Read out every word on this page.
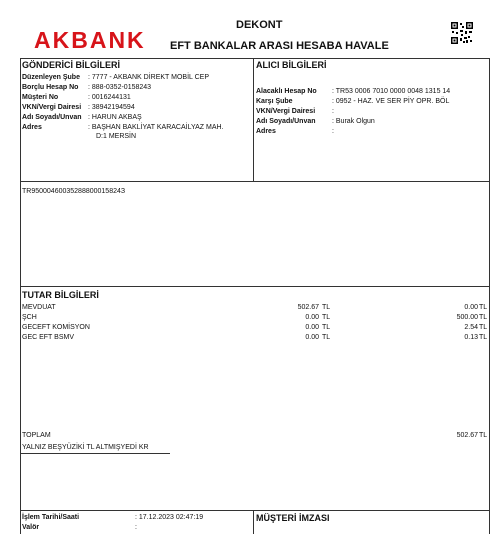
AKBANK
DEKONT
EFT BANKALAR ARASI HESABA HAVALE
GÖNDERİCİ BİLGİLERİ
Düzenleyen Şube : 7777 - AKBANK DİREKT MOBİL CEP
Borçlu Hesap No : 888-0352-0158243
Müşteri No	: 0016244131
VKN/Vergi Dairesi : 38942194594
Adı Soyadı/Unvan : HARUN AKBAŞ
Adres	: BAŞHAN BAKLİYAT KARACAİLYAZ MAH.
D:1 MERSİN
ALICI BİLGİLERİ
Alacaklı Hesap No : TR53 0006 7010 0000 0048 1315 14
Karşı Şube	: 0952 - HAZ. VE SER PİY OPR. BÖL
VKN/Vergi Dairesi :
Adı Soyadı/Unvan : Burak Olgun
Adres	:
TR95000460035288800015824З
TUTAR BİLGİLERİ
MEVDUAT	502.67 TL	0.00 TL
ŞCH	0.00 TL	500.00 TL
GECEFT KOMİSYON	0.00 TL	2.54 TL
GEC EFT BSMV	0.00 TL	0.13 TL
TOPLAM	502.67 TL
YALNIZ BEŞYÜZİKİ TL ALTMIŞYEDİ KR
İşlem Tarihi/Saati	: 17.12.2023 02:47:19
Valör	:
MÜŞTERİ İMZASI
